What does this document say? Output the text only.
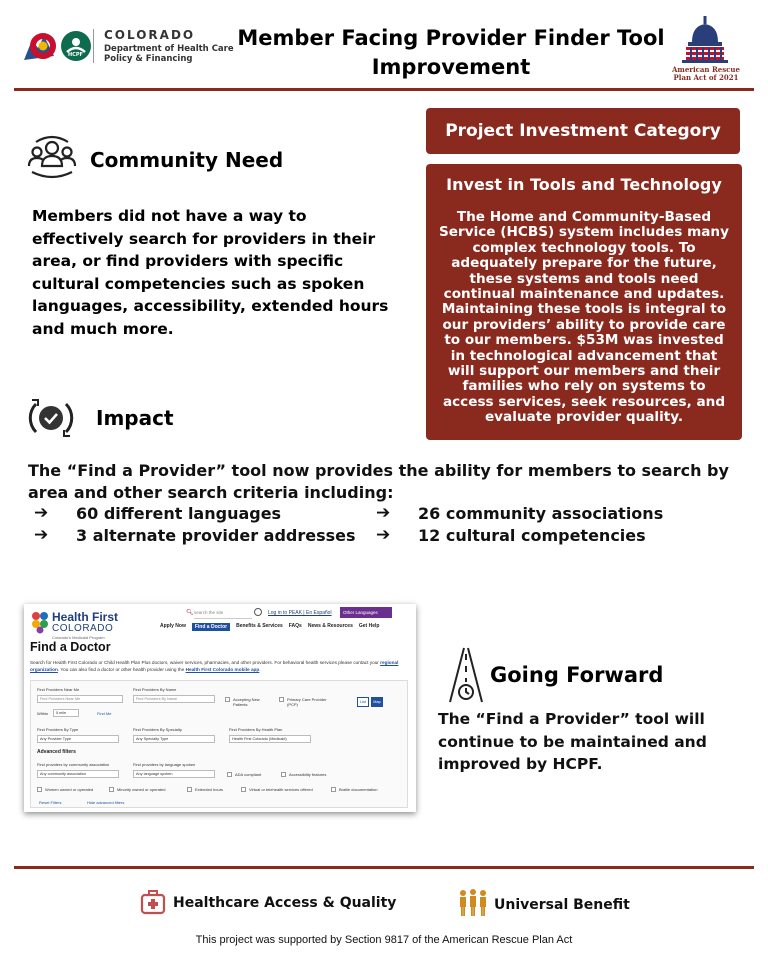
HCPF
COLORADO
Department of Health Care
Policy & Financing
Member Facing Provider Finder Tool
Improvement	American Rescue
Plan Act of 2021
Community Need
Members did not have a way to effectively search for providers in their area, or find providers with specific cultural competencies such as spoken languages, accessibility, extended hours and much more.
Project Investment Category
Invest in Tools and Technology
The Home and Community-Based Service (HCBS) system includes many complex technology tools. To adequately prepare for the future, these systems and tools need continual maintenance and updates. Maintaining these tools is integral to our providers’ ability to provide care to our members. $53M was invested in technological advancement that will support our members and their families who rely on systems to access services, seek resources, and evaluate provider quality.
Impact
The “Find a Provider” tool now provides the ability for members to search by area and other search criteria including:
➔ 60 different languages	➔ 26 community associations
➔ 3 alternate provider addresses ➔ 12 cultural competencies
Health First
COLORADO
Colorado's Medicaid Program
🔍︎ search the site	Log in to PEAK | En Español	Other Languages
Apply Now	Find a Doctor	Benefits & Services FAQs News & Resources Get Help
Find a Doctor
Search for Health First Colorado or Child Health Plan Plus doctors, waiver services, pharmacies, and other providers. For behavioral health services please contact your regional organization. You can also find a doctor or other health provider using the Health First Colorado mobile app.
Find Providers Near Me
Find Providers Near Me
Find Providers By Name
Find Providers By Name	Accepting New Patients
Primary Care Provider (PCP)	List	Map
Within	5 mile	Find Me
Find Providers By Type
Any Provider Type
Find Providers By Specialty
Any Specialty Type
Find Providers By Health Plan
Health First Colorado (Medicaid)
Advanced filters
Find providers by community association
Any community association
Find providers by language spoken
Any language spoken	ADA compliant	Accessibility features
Women owned or operated	Minority owned or operated	Extended hours	Virtual or telehealth services offered	Braille documentation
Reset Filters	Hide advanced filters
Going Forward
The “Find a Provider” tool will continue to be maintained and improved by HCPF.
Healthcare Access & Quality	Universal Benefit
This project was supported by Section 9817 of the American Rescue Plan Act
